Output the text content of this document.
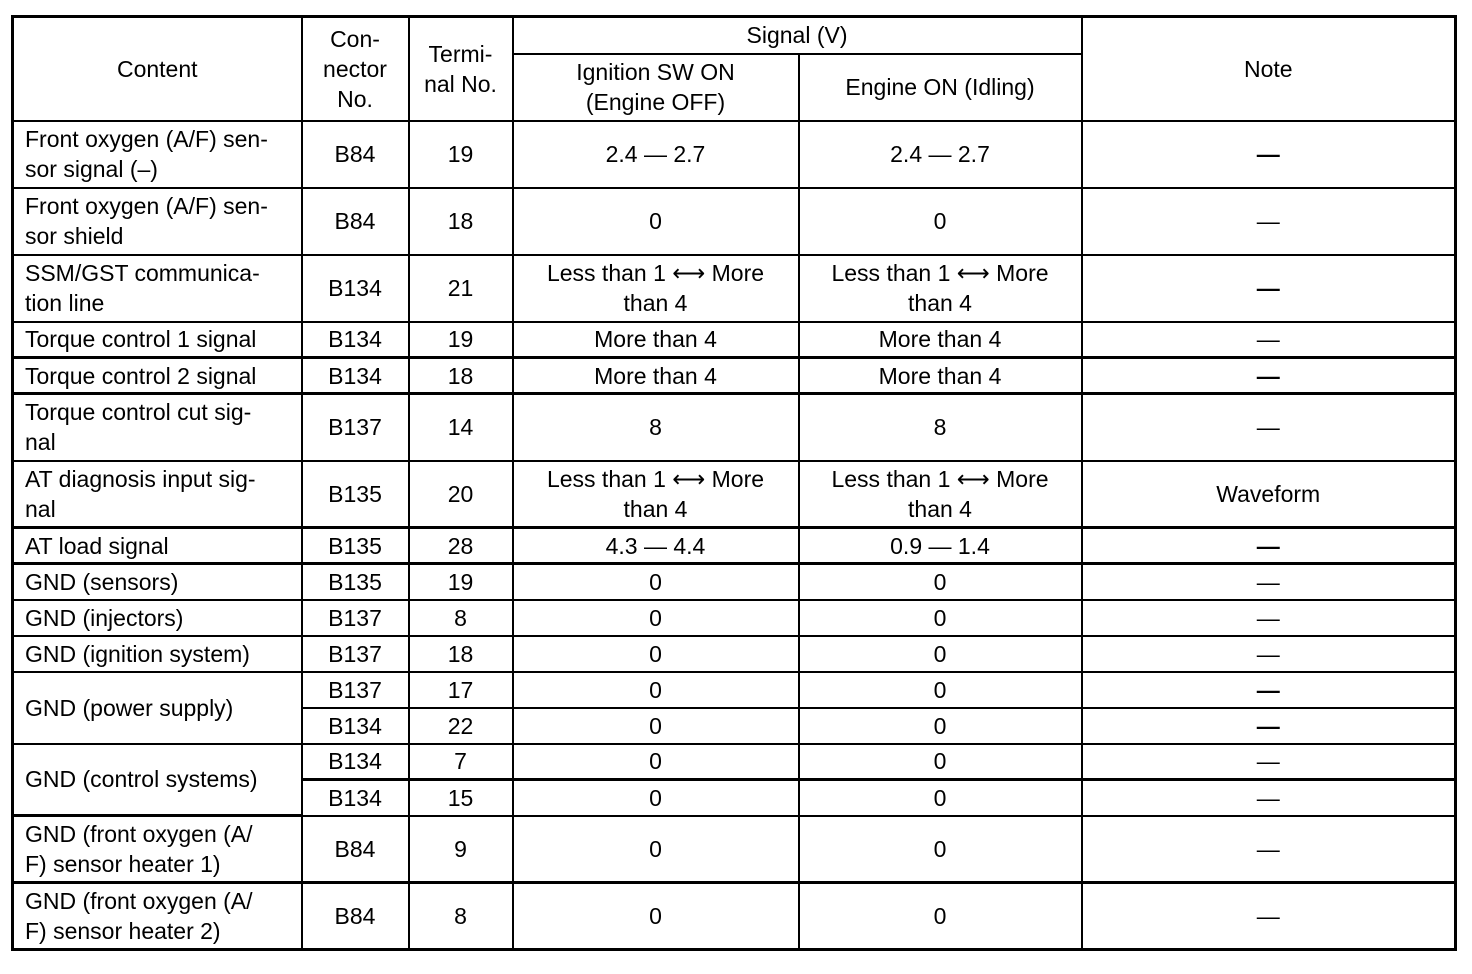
Content	Con-
nector
No.	Termi-
nal No.	Signal (V)		Note
			Ignition SW ON
(Engine OFF)	Engine ON (Idling)	
Front oxygen (A/F) sen-
sor signal (–)	B84	19	2.4 — 2.7	2.4 — 2.7	—
Front oxygen (A/F) sen-
sor shield	B84	18	0	0	—
SSM/GST communica-
tion line	B134	21	Less than 1 ⟷ More
than 4	Less than 1 ⟷ More
than 4	—
Torque control 1 signal	B134	19	More than 4	More than 4	—
Torque control 2 signal	B134	18	More than 4	More than 4	—
Torque control cut sig-
nal	B137	14	8	8	—
AT diagnosis input sig-
nal	B135	20	Less than 1 ⟷ More
than 4	Less than 1 ⟷ More
than 4	Waveform
AT load signal	B135	28	4.3 — 4.4	0.9 — 1.4	—
GND (sensors)	B135	19	0	0	—
GND (injectors)	B137	8	0	0	—
GND (ignition system)	B137	18	0	0	—
GND (power supply)	B137	17	0	0	—
	B134	22	0	0	—
GND (control systems)	B134	7	0	0	—
	B134	15	0	0	—
GND (front oxygen (A/
F) sensor heater 1)	B84	9	0	0	—
GND (front oxygen (A/
F) sensor heater 2)	B84	8	0	0	—
